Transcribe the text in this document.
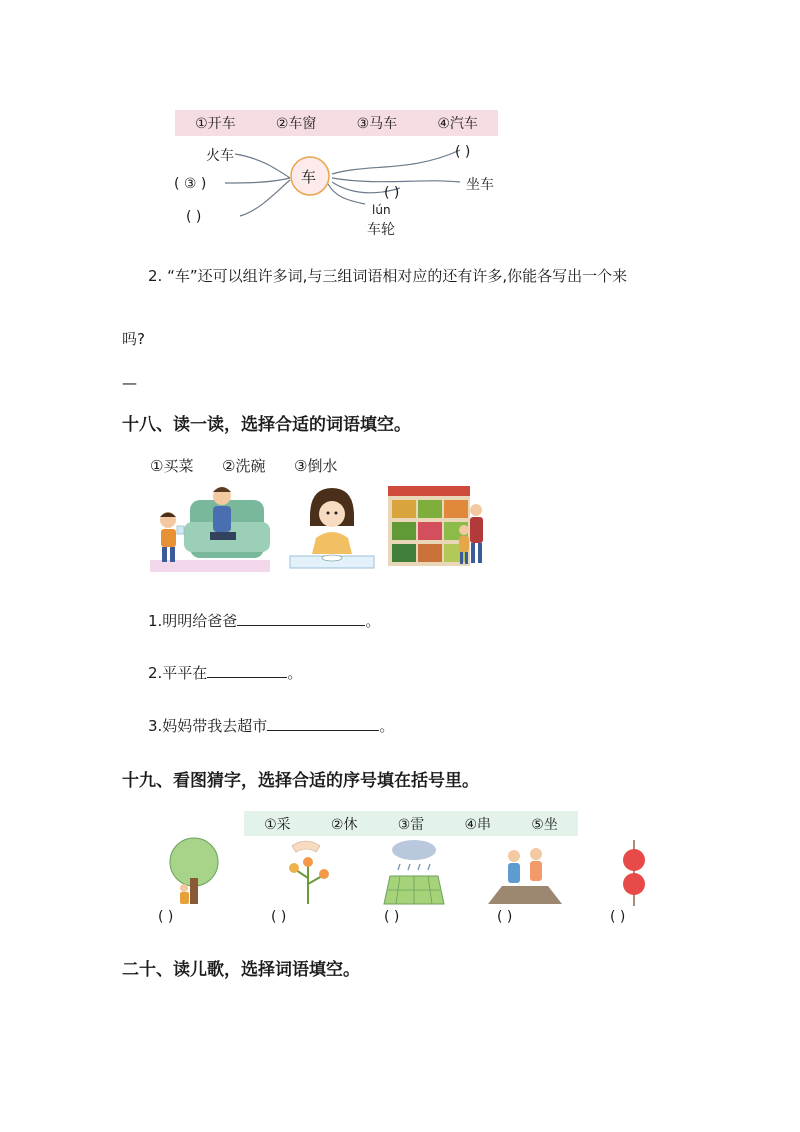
①开车	②车窗	③马车	④汽车
车
火车
( ③ )
( )
( )
( )	坐车
lún
车轮
2. “车”还可以组许多词,与三组词语相对应的还有许多,你能各写出一个来
吗?
—
十八、读一读，选择合适的词语填空。
①买菜 ②洗碗 ③倒水
1.明明给爸爸	。
2.平平在	。
3.妈妈带我去超市	。
十九、看图猜字，选择合适的序号填在括号里。
①采	②休	③雷	④串	⑤坐
( )	( )	( )	( )	( )
二十、读儿歌，选择词语填空。
